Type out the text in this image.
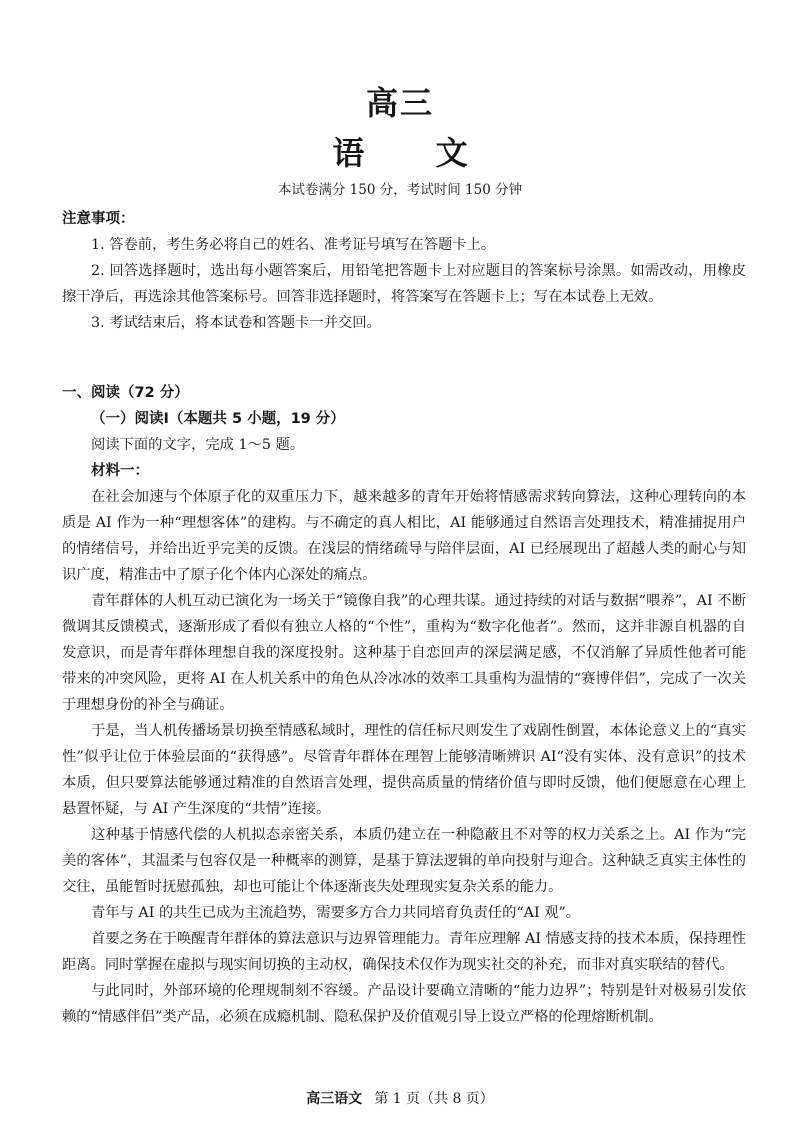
高三
语 文
本试卷满分 150 分，考试时间 150 分钟
注意事项：

1. 答卷前，考生务必将自己的姓名、准考证号填写在答题卡上。

2. 回答选择题时，选出每小题答案后，用铅笔把答题卡上对应题目的答案标号涂黑。如需改动，用橡皮擦干净后，再选涂其他答案标号。回答非选择题时，将答案写在答题卡上；写在本试卷上无效。

3. 考试结束后，将本试卷和答题卡一并交回。

一、阅读（72 分）
（一）阅读Ⅰ（本题共 5 小题，19 分）
阅读下面的文字，完成 1～5 题。
材料一：

在社会加速与个体原子化的双重压力下，越来越多的青年开始将情感需求转向算法，这种心理转向的本质是 AI 作为一种“理想客体”的建构。与不确定的真人相比，AI 能够通过自然语言处理技术，精准捕捉用户的情绪信号，并给出近乎完美的反馈。在浅层的情绪疏导与陪伴层面，AI 已经展现出了超越人类的耐心与知识广度，精准击中了原子化个体内心深处的痛点。

青年群体的人机互动已演化为一场关于“镜像自我”的心理共谋。通过持续的对话与数据“喂养”，AI 不断微调其反馈模式，逐渐形成了看似有独立人格的“个性”，重构为“数字化他者”。然而，这并非源自机器的自发意识，而是青年群体理想自我的深度投射。这种基于自恋回声的深层满足感，不仅消解了异质性他者可能带来的冲突风险，更将 AI 在人机关系中的角色从冷冰冰的效率工具重构为温情的“赛博伴侣”，完成了一次关于理想身份的补全与确证。

于是，当人机传播场景切换至情感私域时，理性的信任标尺则发生了戏剧性倒置，本体论意义上的“真实性”似乎让位于体验层面的“获得感”。尽管青年群体在理智上能够清晰辨识 AI“没有实体、没有意识”的技术本质，但只要算法能够通过精准的自然语言处理，提供高质量的情绪价值与即时反馈，他们便愿意在心理上悬置怀疑，与 AI 产生深度的“共情”连接。

这种基于情感代偿的人机拟态亲密关系，本质仍建立在一种隐蔽且不对等的权力关系之上。AI 作为“完美的客体”，其温柔与包容仅是一种概率的测算，是基于算法逻辑的单向投射与迎合。这种缺乏真实主体性的交往，虽能暂时抚慰孤独，却也可能让个体逐渐丧失处理现实复杂关系的能力。

青年与 AI 的共生已成为主流趋势，需要多方合力共同培育负责任的“AI 观”。

首要之务在于唤醒青年群体的算法意识与边界管理能力。青年应理解 AI 情感支持的技术本质，保持理性距离。同时掌握在虚拟与现实间切换的主动权，确保技术仅作为现实社交的补充，而非对真实联结的替代。

与此同时，外部环境的伦理规制刻不容缓。产品设计要确立清晰的“能力边界”；特别是针对极易引发依赖的“情感伴侣”类产品，必须在成瘾机制、隐私保护及价值观引导上设立严格的伦理熔断机制。

高三语文 第 1 页（共 8 页）
